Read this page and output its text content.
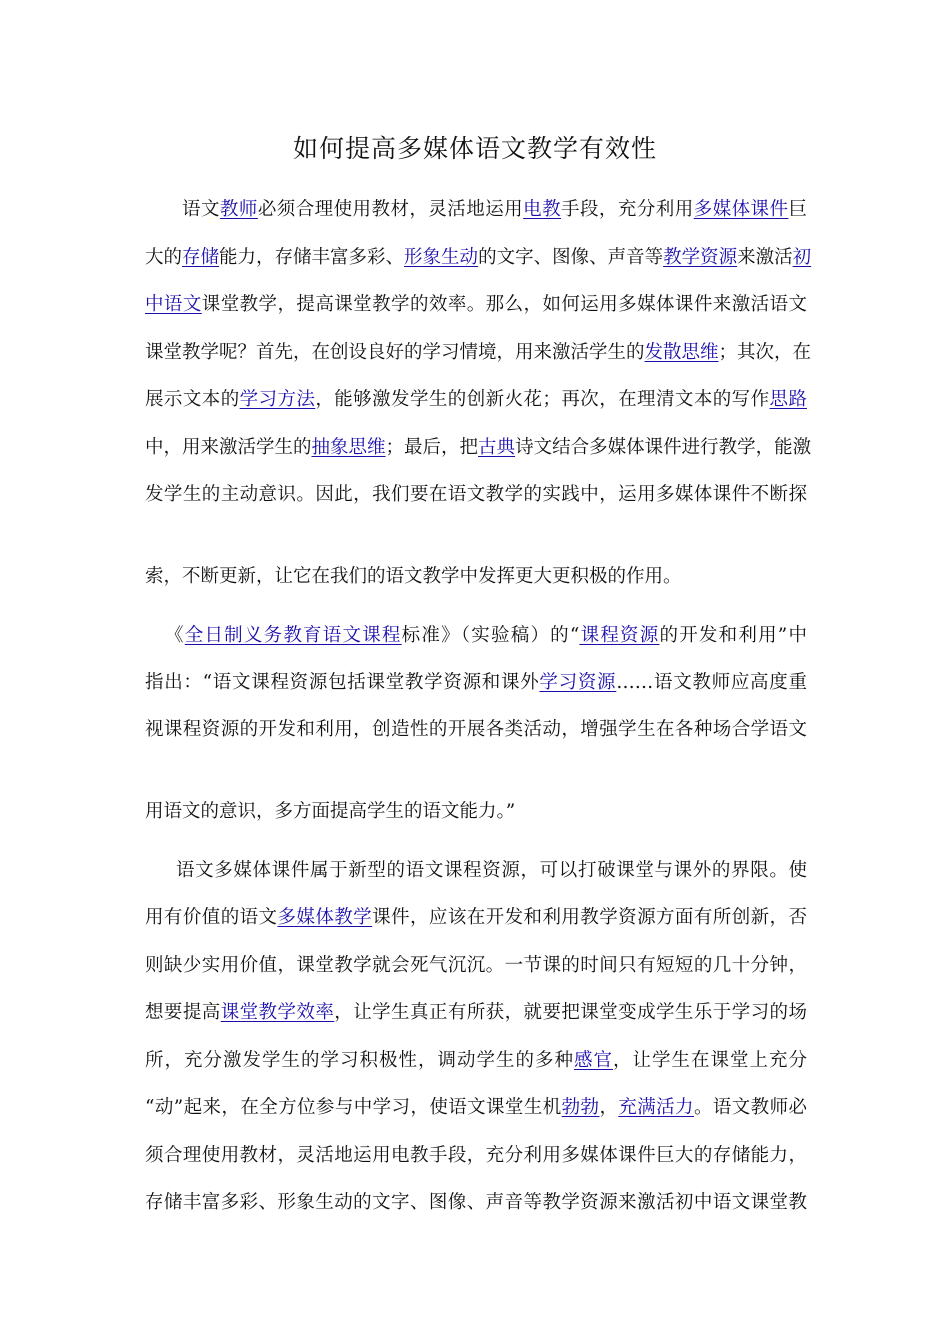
如何提高多媒体语文教学有效性
语文教师必须合理使用教材，灵活地运用电教手段，充分利用多媒体课件巨
大的存储能力，存储丰富多彩、形象生动的文字、图像、声音等教学资源来激活初
中语文课堂教学，提高课堂教学的效率。那么，如何运用多媒体课件来激活语文
课堂教学呢？首先，在创设良好的学习情境，用来激活学生的发散思维；其次，在
展示文本的学习方法，能够激发学生的创新火花；再次，在理清文本的写作思路
中，用来激活学生的抽象思维；最后，把古典诗文结合多媒体课件进行教学，能激
发学生的主动意识。因此，我们要在语文教学的实践中，运用多媒体课件不断探
索，不断更新，让它在我们的语文教学中发挥更大更积极的作用。
《全日制义务教育语文课程标准》（实验稿）的“课程资源的开发和利用”中
指出：“语文课程资源包括课堂教学资源和课外学习资源……语文教师应高度重
视课程资源的开发和利用，创造性的开展各类活动，增强学生在各种场合学语文
用语文的意识，多方面提高学生的语文能力。”
语文多媒体课件属于新型的语文课程资源，可以打破课堂与课外的界限。使
用有价值的语文多媒体教学课件，应该在开发和利用教学资源方面有所创新，否
则缺少实用价值，课堂教学就会死气沉沉。一节课的时间只有短短的几十分钟，
想要提高课堂教学效率，让学生真正有所获，就要把课堂变成学生乐于学习的场
所，充分激发学生的学习积极性，调动学生的多种感官，让学生在课堂上充分
“动”起来，在全方位参与中学习，使语文课堂生机勃勃，充满活力。语文教师必
须合理使用教材，灵活地运用电教手段，充分利用多媒体课件巨大的存储能力，
存储丰富多彩、形象生动的文字、图像、声音等教学资源来激活初中语文课堂教
